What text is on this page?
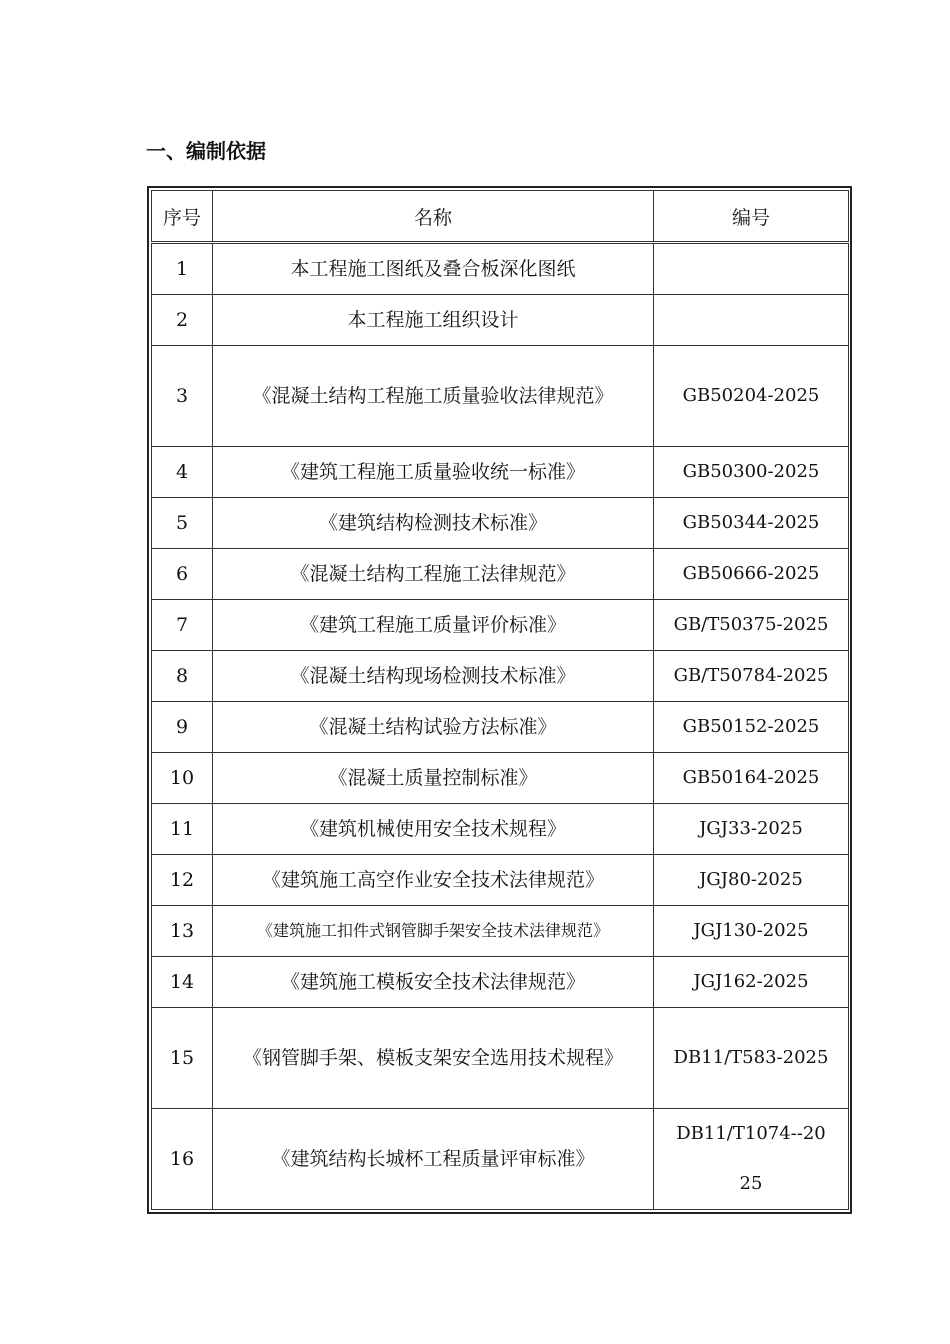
一、编制依据
序号	名称	编号
1	本工程施工图纸及叠合板深化图纸	
2	本工程施工组织设计	
3	《混凝土结构工程施工质量验收法律规范》	GB50204-2025
4	《建筑工程施工质量验收统一标准》	GB50300-2025
5	《建筑结构检测技术标准》	GB50344-2025
6	《混凝土结构工程施工法律规范》	GB50666-2025
7	《建筑工程施工质量评价标准》	GB/T50375-2025
8	《混凝土结构现场检测技术标准》	GB/T50784-2025
9	《混凝土结构试验方法标准》	GB50152-2025
10	《混凝土质量控制标准》	GB50164-2025
11	《建筑机械使用安全技术规程》	JGJ33-2025
12	《建筑施工高空作业安全技术法律规范》	JGJ80-2025
13	《建筑施工扣件式钢管脚手架安全技术法律规范》	JGJ130-2025
14	《建筑施工模板安全技术法律规范》	JGJ162-2025
15	《钢管脚手架、模板支架安全选用技术规程》	DB11/T583-2025
16	《建筑结构长城杯工程质量评审标准》	DB11/T1074--2025
